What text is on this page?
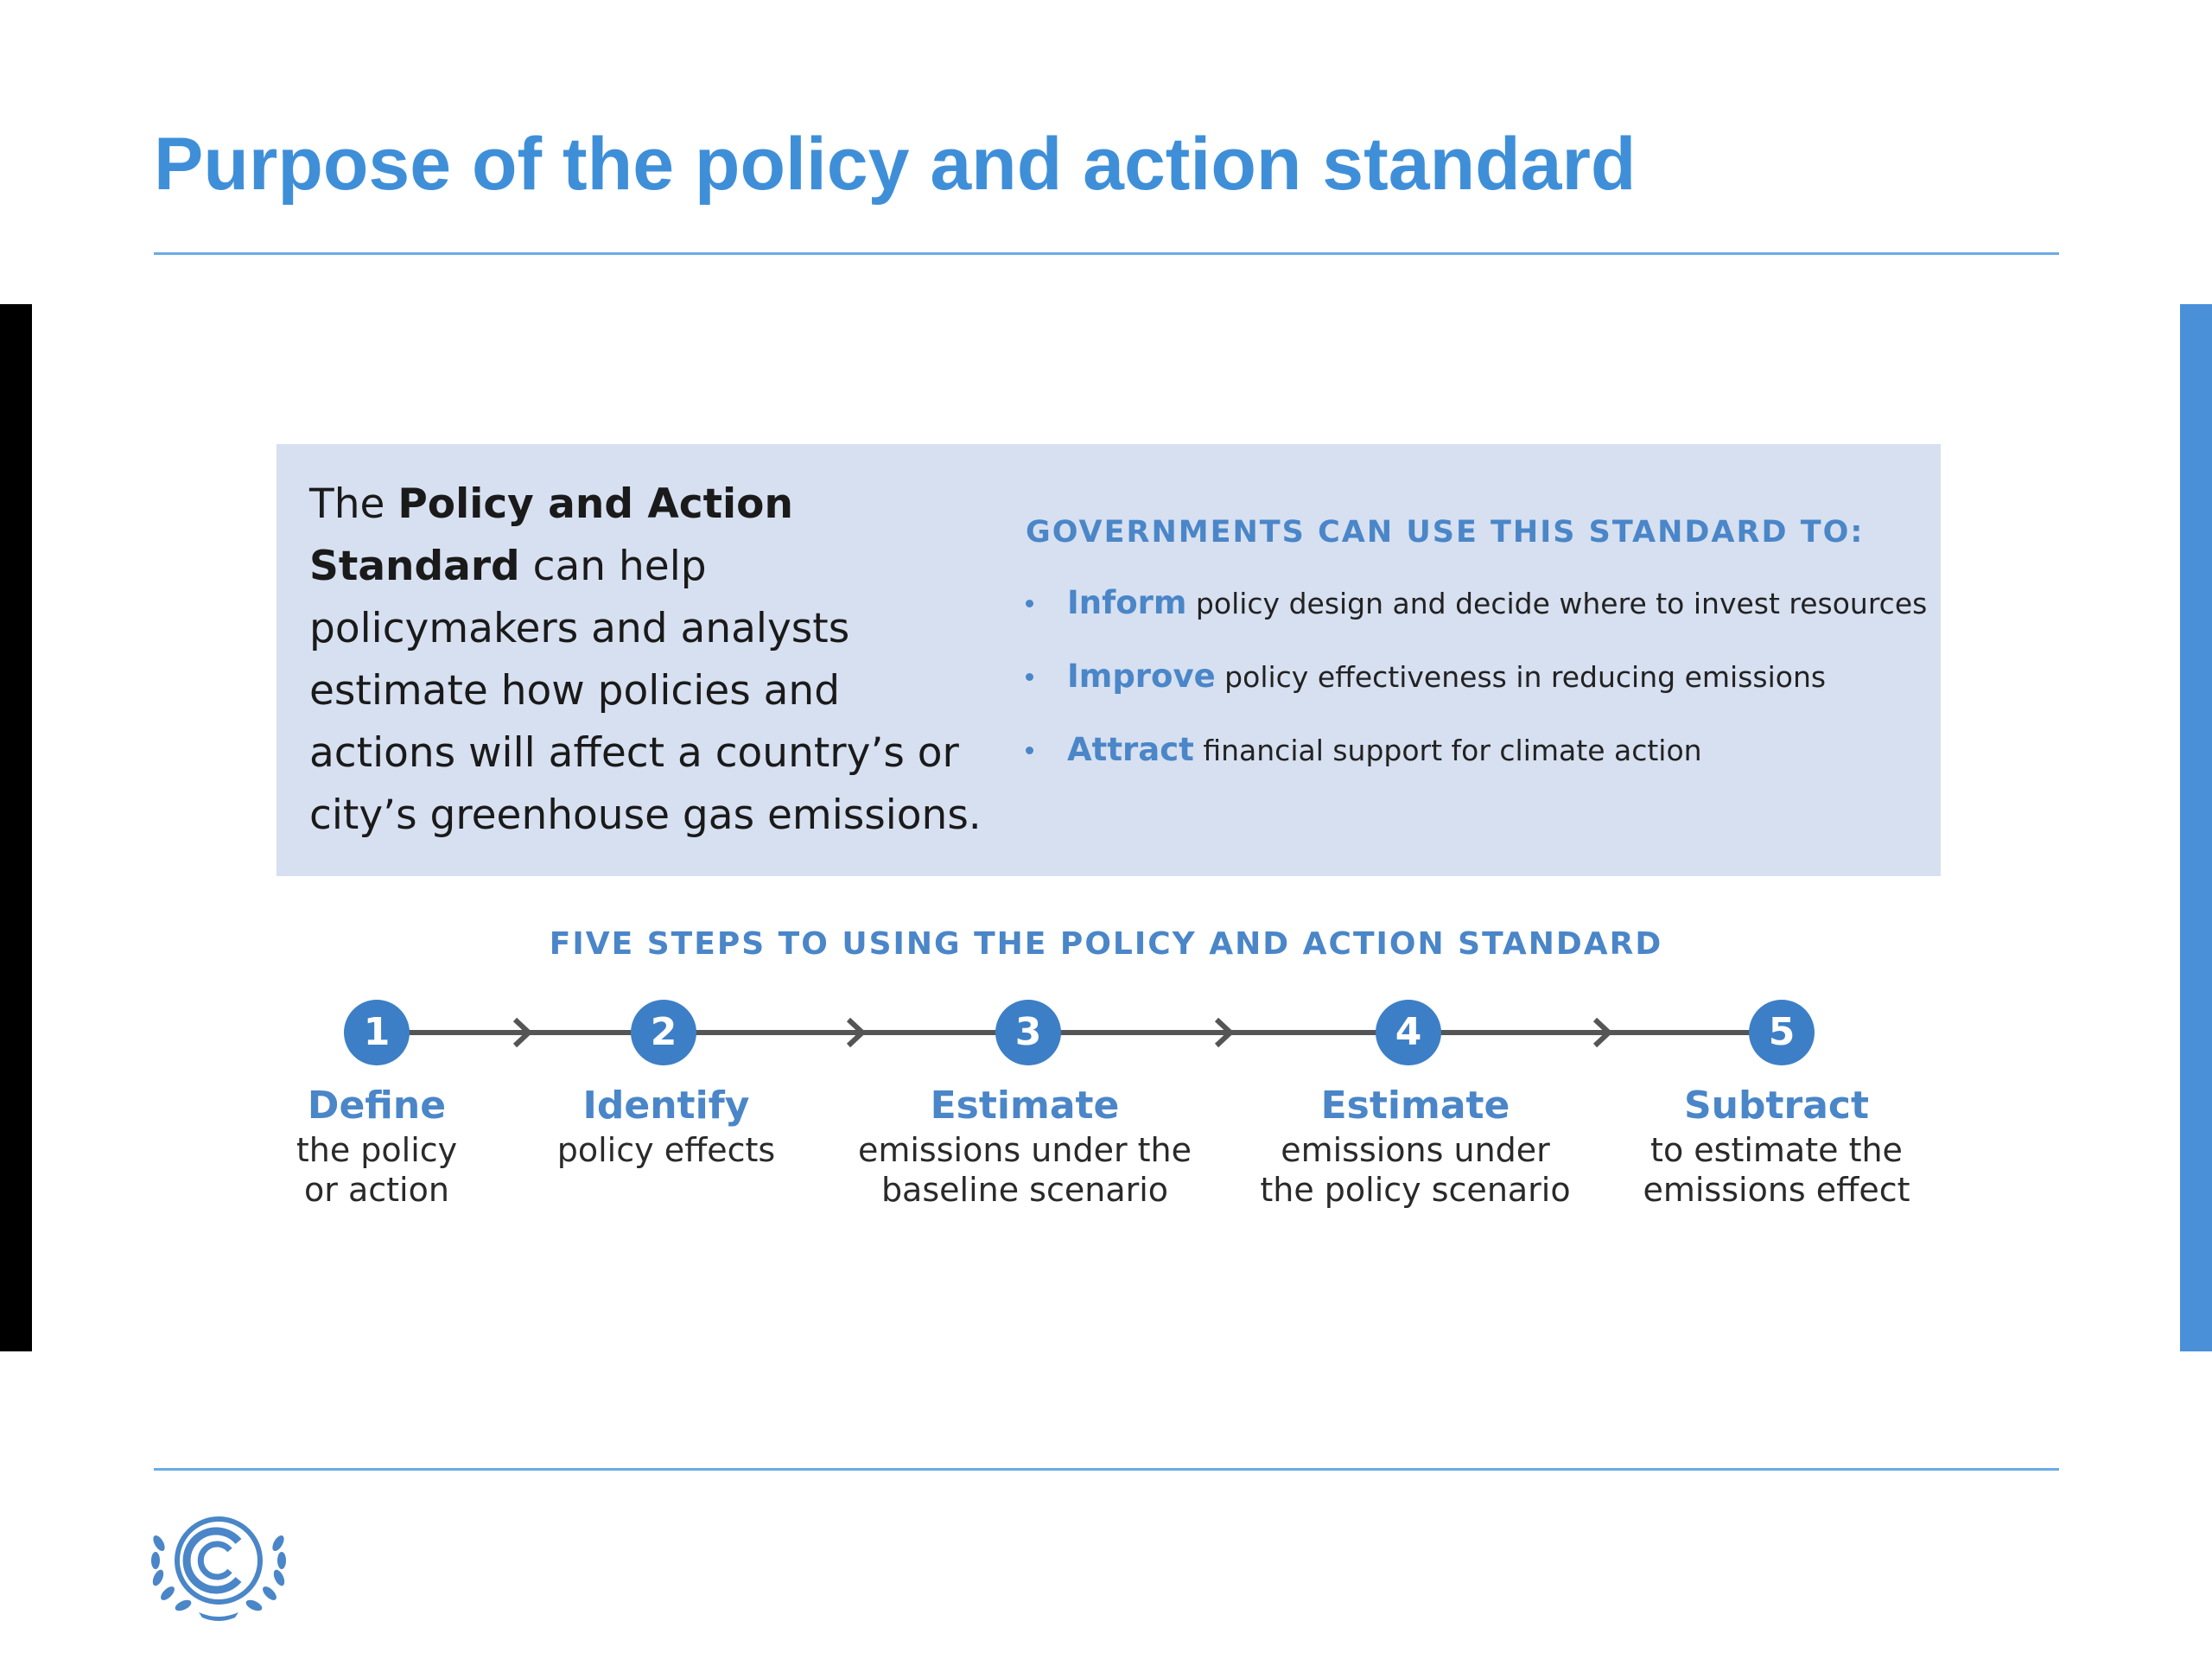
Purpose of the policy and action standard

The Policy and Action Standard can help policymakers and analysts estimate how policies and actions will affect a country’s or city’s greenhouse gas emissions.

GOVERNMENTS CAN USE THIS STANDARD TO:
Inform policy design and decide where to invest resources
Improve policy effectiveness in reducing emissions
Attract financial support for climate action
FIVE STEPS TO USING THE POLICY AND ACTION STANDARD
1	2	3	4	5
Define
the policy
or action
Identify
policy effects
Estimate
emissions under the
baseline scenario
Estimate
emissions under
the policy scenario
Subtract
to estimate the
emissions effect
